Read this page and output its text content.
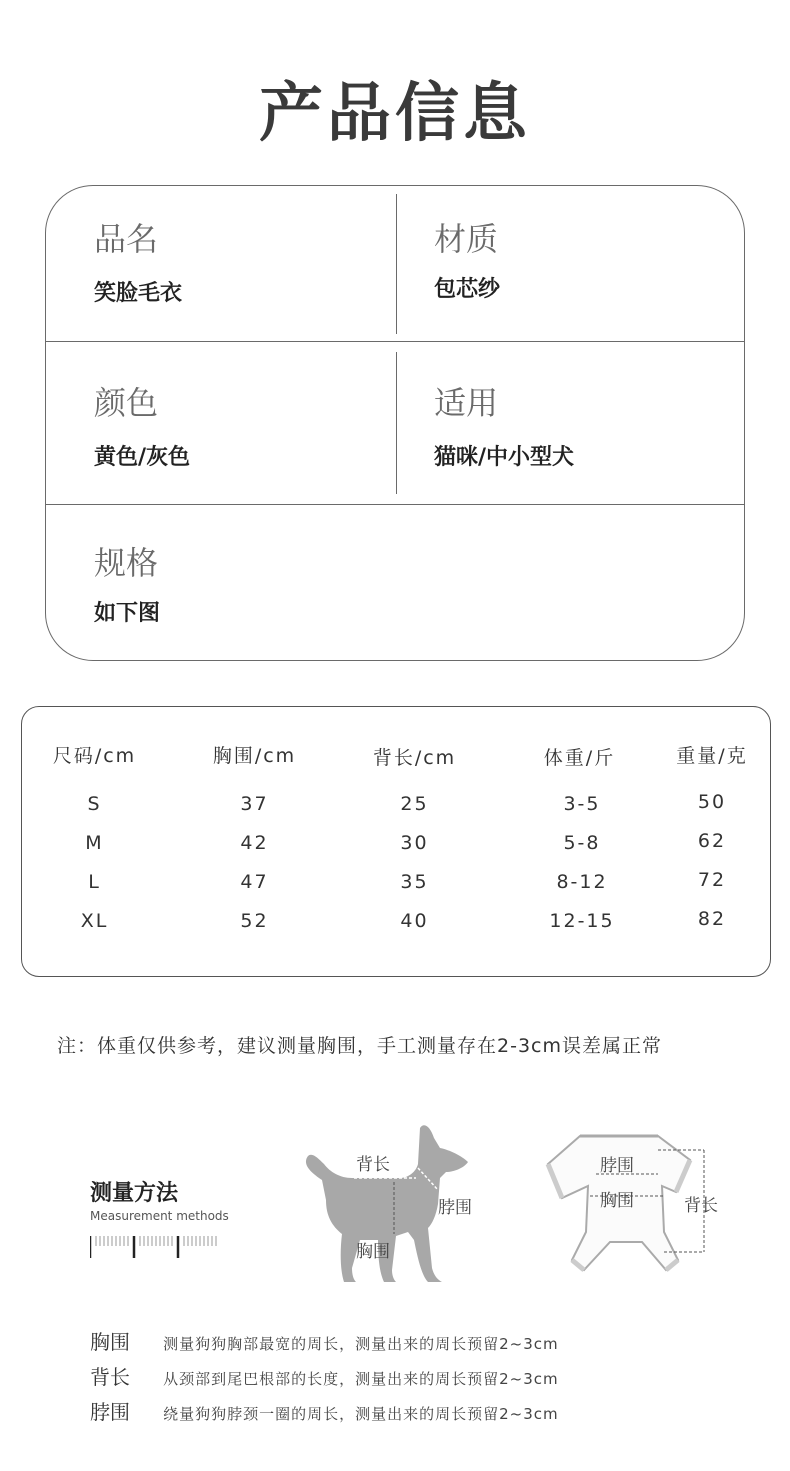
产品信息
品名
笑脸毛衣
材质
包芯纱
颜色
黄色/灰色
适用
猫咪/中小型犬
规格
如下图
尺码/cm	胸围/cm	背长/cm	体重/斤	重量/克
S	37	25	3-5	50
M	42	30	5-8	62
L	47	35	8-12	72
XL	52	40	12-15	82
注：体重仅供参考，建议测量胸围，手工测量存在2-3cm误差属正常
测量方法
Measurement methods
背长
脖围
胸围
脖围
胸围	背长
胸围 测量狗狗胸部最宽的周长，测量出来的周长预留2~3cm
背长 从颈部到尾巴根部的长度，测量出来的周长预留2~3cm
脖围 绕量狗狗脖颈一圈的周长，测量出来的周长预留2~3cm
